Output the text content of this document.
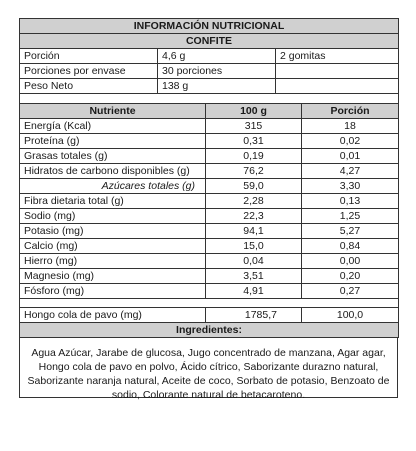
INFORMACIÓN NUTRICIONAL
CONFITE
Porción	4,6 g	2 gomitas
Porciones por envase	30 porciones	
Peso Neto	138 g	

Nutriente	100 g	Porción
Energía (Kcal)	315	18
Proteína (g)	0,31	0,02
Grasas totales (g)	0,19	0,01
Hidratos de carbono disponibles (g)	76,2	4,27
Azúcares totales (g)	59,0	3,30
Fibra dietaria total (g)	2,28	0,13
Sodio (mg)	22,3	1,25
Potasio (mg)	94,1	5,27
Calcio (mg)	15,0	0,84
Hierro (mg)	0,04	0,00
Magnesio (mg)	3,51	0,20
Fósforo (mg)	4,91	0,27

Hongo cola de pavo (mg)	1785,7	100,0
Ingredientes:		
Agua Azúcar, Jarabe de glucosa, Jugo concentrado de manzana, Agar agar, Hongo cola de pavo en polvo, Ácido cítrico, Saborizante durazno natural, Saborizante naranja natural, Aceite de coco, Sorbato de potasio, Benzoato de sodio, Colorante natural de betacaroteno.
